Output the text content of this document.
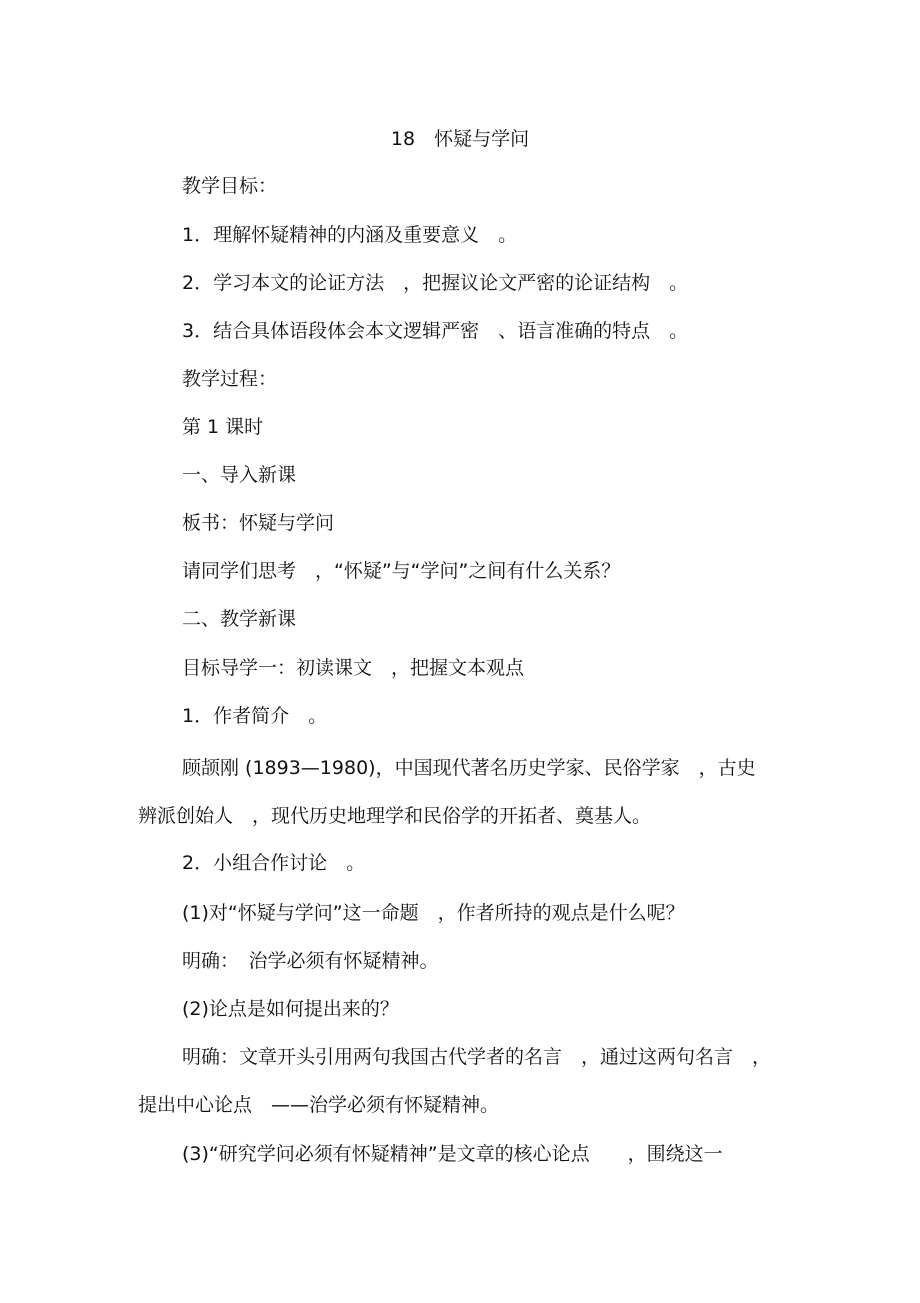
18　怀疑与学问
教学目标：
1．理解怀疑精神的内涵及重要意义　。
2．学习本文的论证方法　，把握议论文严密的论证结构　。
3．结合具体语段体会本文逻辑严密　、语言准确的特点　。
教学过程：
第 1 课时
一、导入新课
板书：怀疑与学问
请同学们思考　，“怀疑”与“学问”之间有什么关系？
二、教学新课
目标导学一：初读课文　，把握文本观点
1．作者简介　。
顾颉刚 (1893—1980)，中国现代著名历史学家、民俗学家　，古史
辨派创始人　，现代历史地理学和民俗学的开拓者、奠基人。
2．小组合作讨论　。
(1)对“怀疑与学问”这一命题　，作者所持的观点是什么呢？
明确：　治学必须有怀疑精神。
(2)论点是如何提出来的？
明确：文章开头引用两句我国古代学者的名言　，通过这两句名言　，
提出中心论点　——治学必须有怀疑精神。
(3)“研究学问必须有怀疑精神”是文章的核心论点　　，围绕这一
